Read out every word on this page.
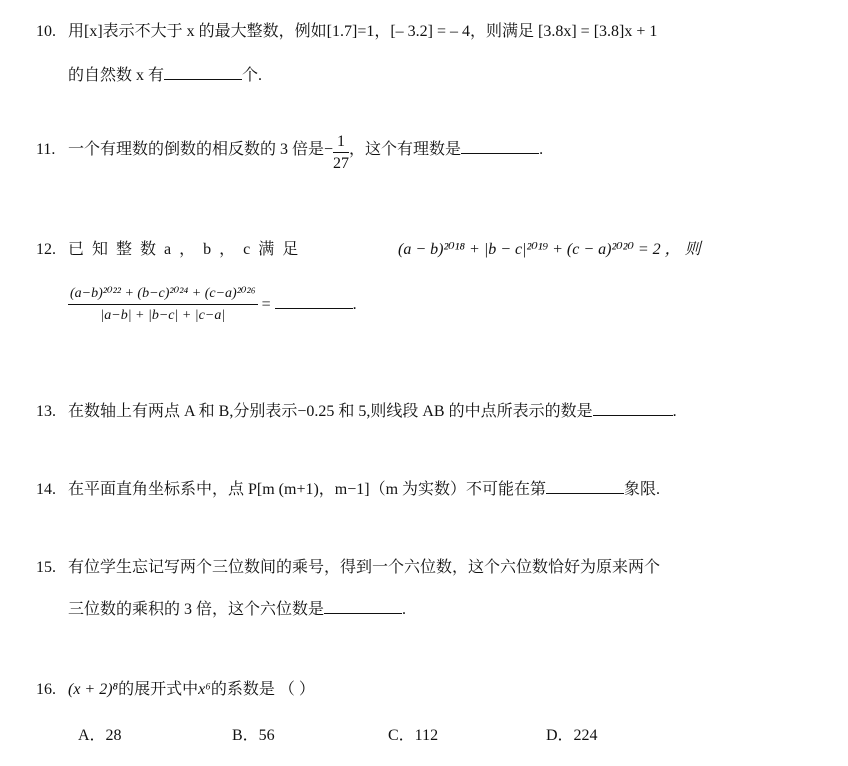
10. 用[x]表示不大于 x 的最大整数，例如[1.7]=1，[– 3.2] = – 4，则满足 [3.8x] = [3.8]x + 1
的自然数 x 有	个.
11. 一个有理数的倒数的相反数的 3 倍是− $\frac{1}{27}$ ，这个有理数是	.
12. 已 知 整 数 a ， b ， c 满 足	(a − b)²⁰¹⁸ + |b − c|²⁰¹⁹ + (c − a)²⁰²⁰ = 2 ， 则
$\frac{\text{(a−b)²⁰²² + (b−c)²⁰²⁴ + (c−a)²⁰²⁶}}{|a-b| + |b-c| + |c-a|}$ =	.
13. 在数轴上有两点 A 和 B,分别表示−0.25 和 5,则线段 AB 的中点所表示的数是	.
14. 在平面直角坐标系中，点 P[m (m+1)，m−1]（m 为实数）不可能在第	象限.
15. 有位学生忘记写两个三位数间的乘号，得到一个六位数，这个六位数恰好为原来两个
三位数的乘积的 3 倍，这个六位数是	.
16. (x + 2)⁸的展开式中x⁶的系数是 （ ）
A．28	B．56	C．112	D．224
